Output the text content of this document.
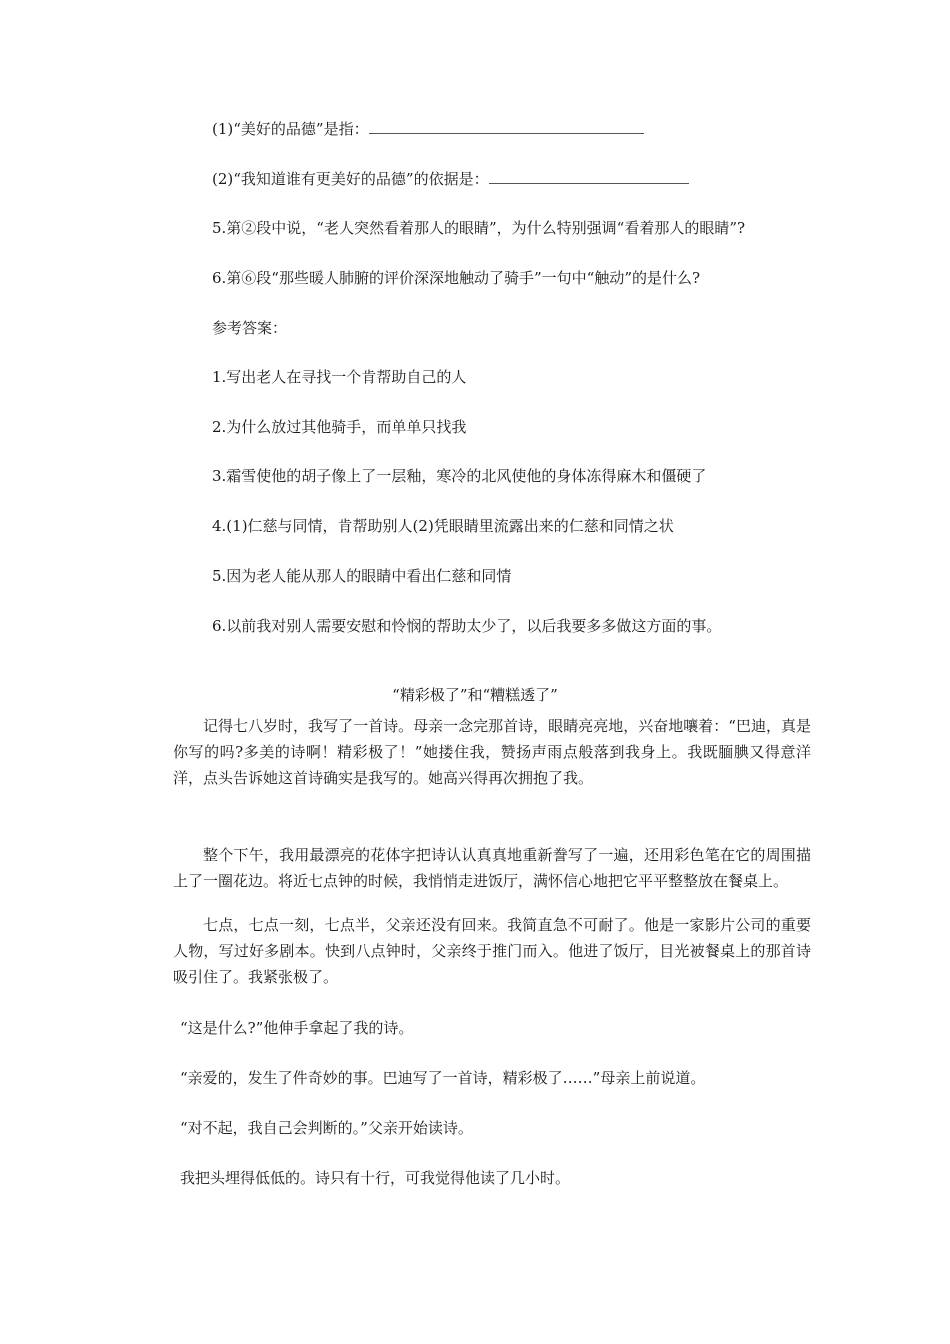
(1)“美好的品德”是指：
(2)“我知道谁有更美好的品德”的依据是：
5.第②段中说，“老人突然看着那人的眼睛”，为什么特别强调“看着那人的眼睛”?
6.第⑥段“那些暖人肺腑的评价深深地触动了骑手”一句中“触动”的是什么?
参考答案：
1.写出老人在寻找一个肯帮助自己的人
2.为什么放过其他骑手，而单单只找我
3.霜雪使他的胡子像上了一层釉，寒冷的北风使他的身体冻得麻木和僵硬了
4.(1)仁慈与同情，肯帮助别人(2)凭眼睛里流露出来的仁慈和同情之状
5.因为老人能从那人的眼睛中看出仁慈和同情
6.以前我对别人需要安慰和怜悯的帮助太少了，以后我要多多做这方面的事。
“精彩极了”和“糟糕透了”
记得七八岁时，我写了一首诗。母亲一念完那首诗，眼睛亮亮地，兴奋地嚷着：“巴迪，真是你写的吗?多美的诗啊！精彩极了！”她搂住我，赞扬声雨点般落到我身上。我既腼腆又得意洋洋，点头告诉她这首诗确实是我写的。她高兴得再次拥抱了我。
整个下午，我用最漂亮的花体字把诗认认真真地重新誊写了一遍，还用彩色笔在它的周围描上了一圈花边。将近七点钟的时候，我悄悄走进饭厅，满怀信心地把它平平整整放在餐桌上。
七点，七点一刻，七点半，父亲还没有回来。我简直急不可耐了。他是一家影片公司的重要人物，写过好多剧本。快到八点钟时，父亲终于推门而入。他进了饭厅，目光被餐桌上的那首诗吸引住了。我紧张极了。
“这是什么?”他伸手拿起了我的诗。
“亲爱的，发生了件奇妙的事。巴迪写了一首诗，精彩极了……”母亲上前说道。
“对不起，我自己会判断的。”父亲开始读诗。
我把头埋得低低的。诗只有十行，可我觉得他读了几小时。
